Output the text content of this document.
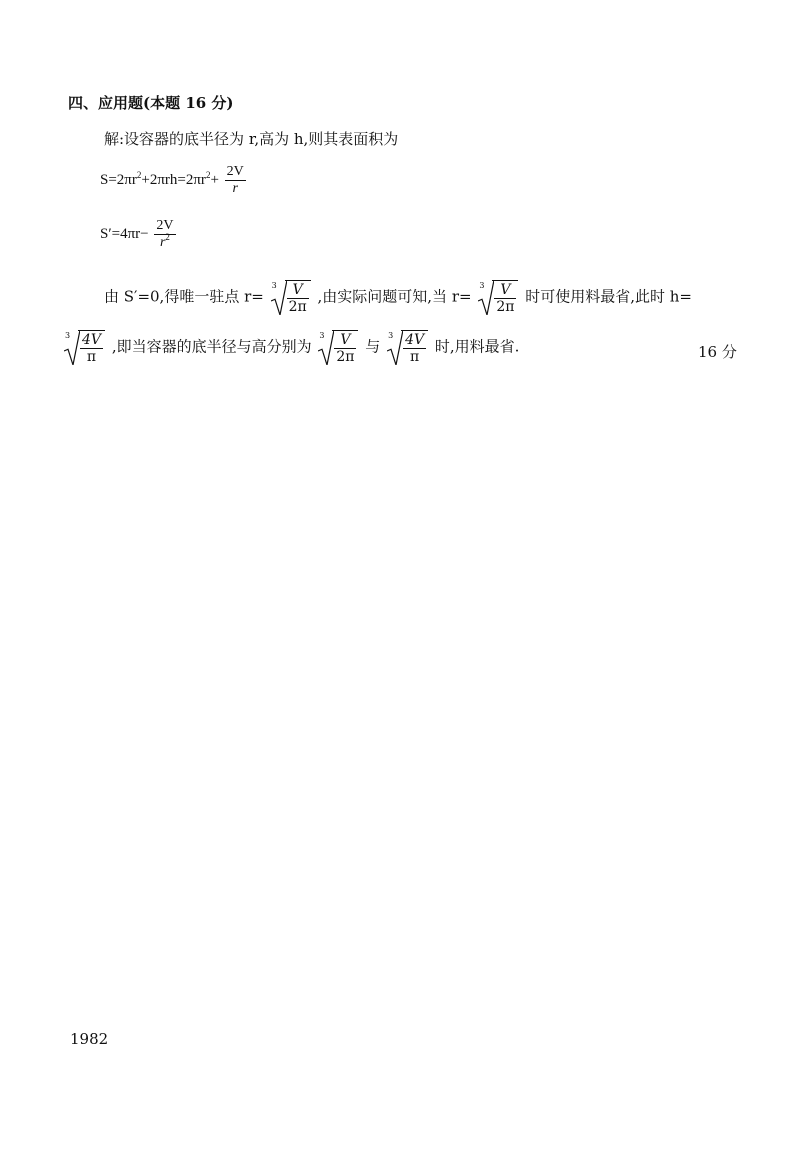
四、应用题(本题 16 分)
解:设容器的底半径为 r,高为 h,则其表面积为
$S=2\pi r^2+2\pi rh=2\pi r^2+ \frac{2V}{r}$
$S'=4\pi r- \frac{2V}{r^2}$
由 S′=0,得唯一驻点 r=
$3 \frac{V}{2\pi}$ ,由实际问题可知,当 r=
$3 \frac{V}{2\pi}$ 时可使用料最省,此时 h=
$3 \frac{4V}{\pi}$ ,即当容器的底半径与高分别为
$3 \frac{V}{2\pi}$ 与
$3 \frac{4V}{\pi}$ 时,用料最省.	16 分
1982
